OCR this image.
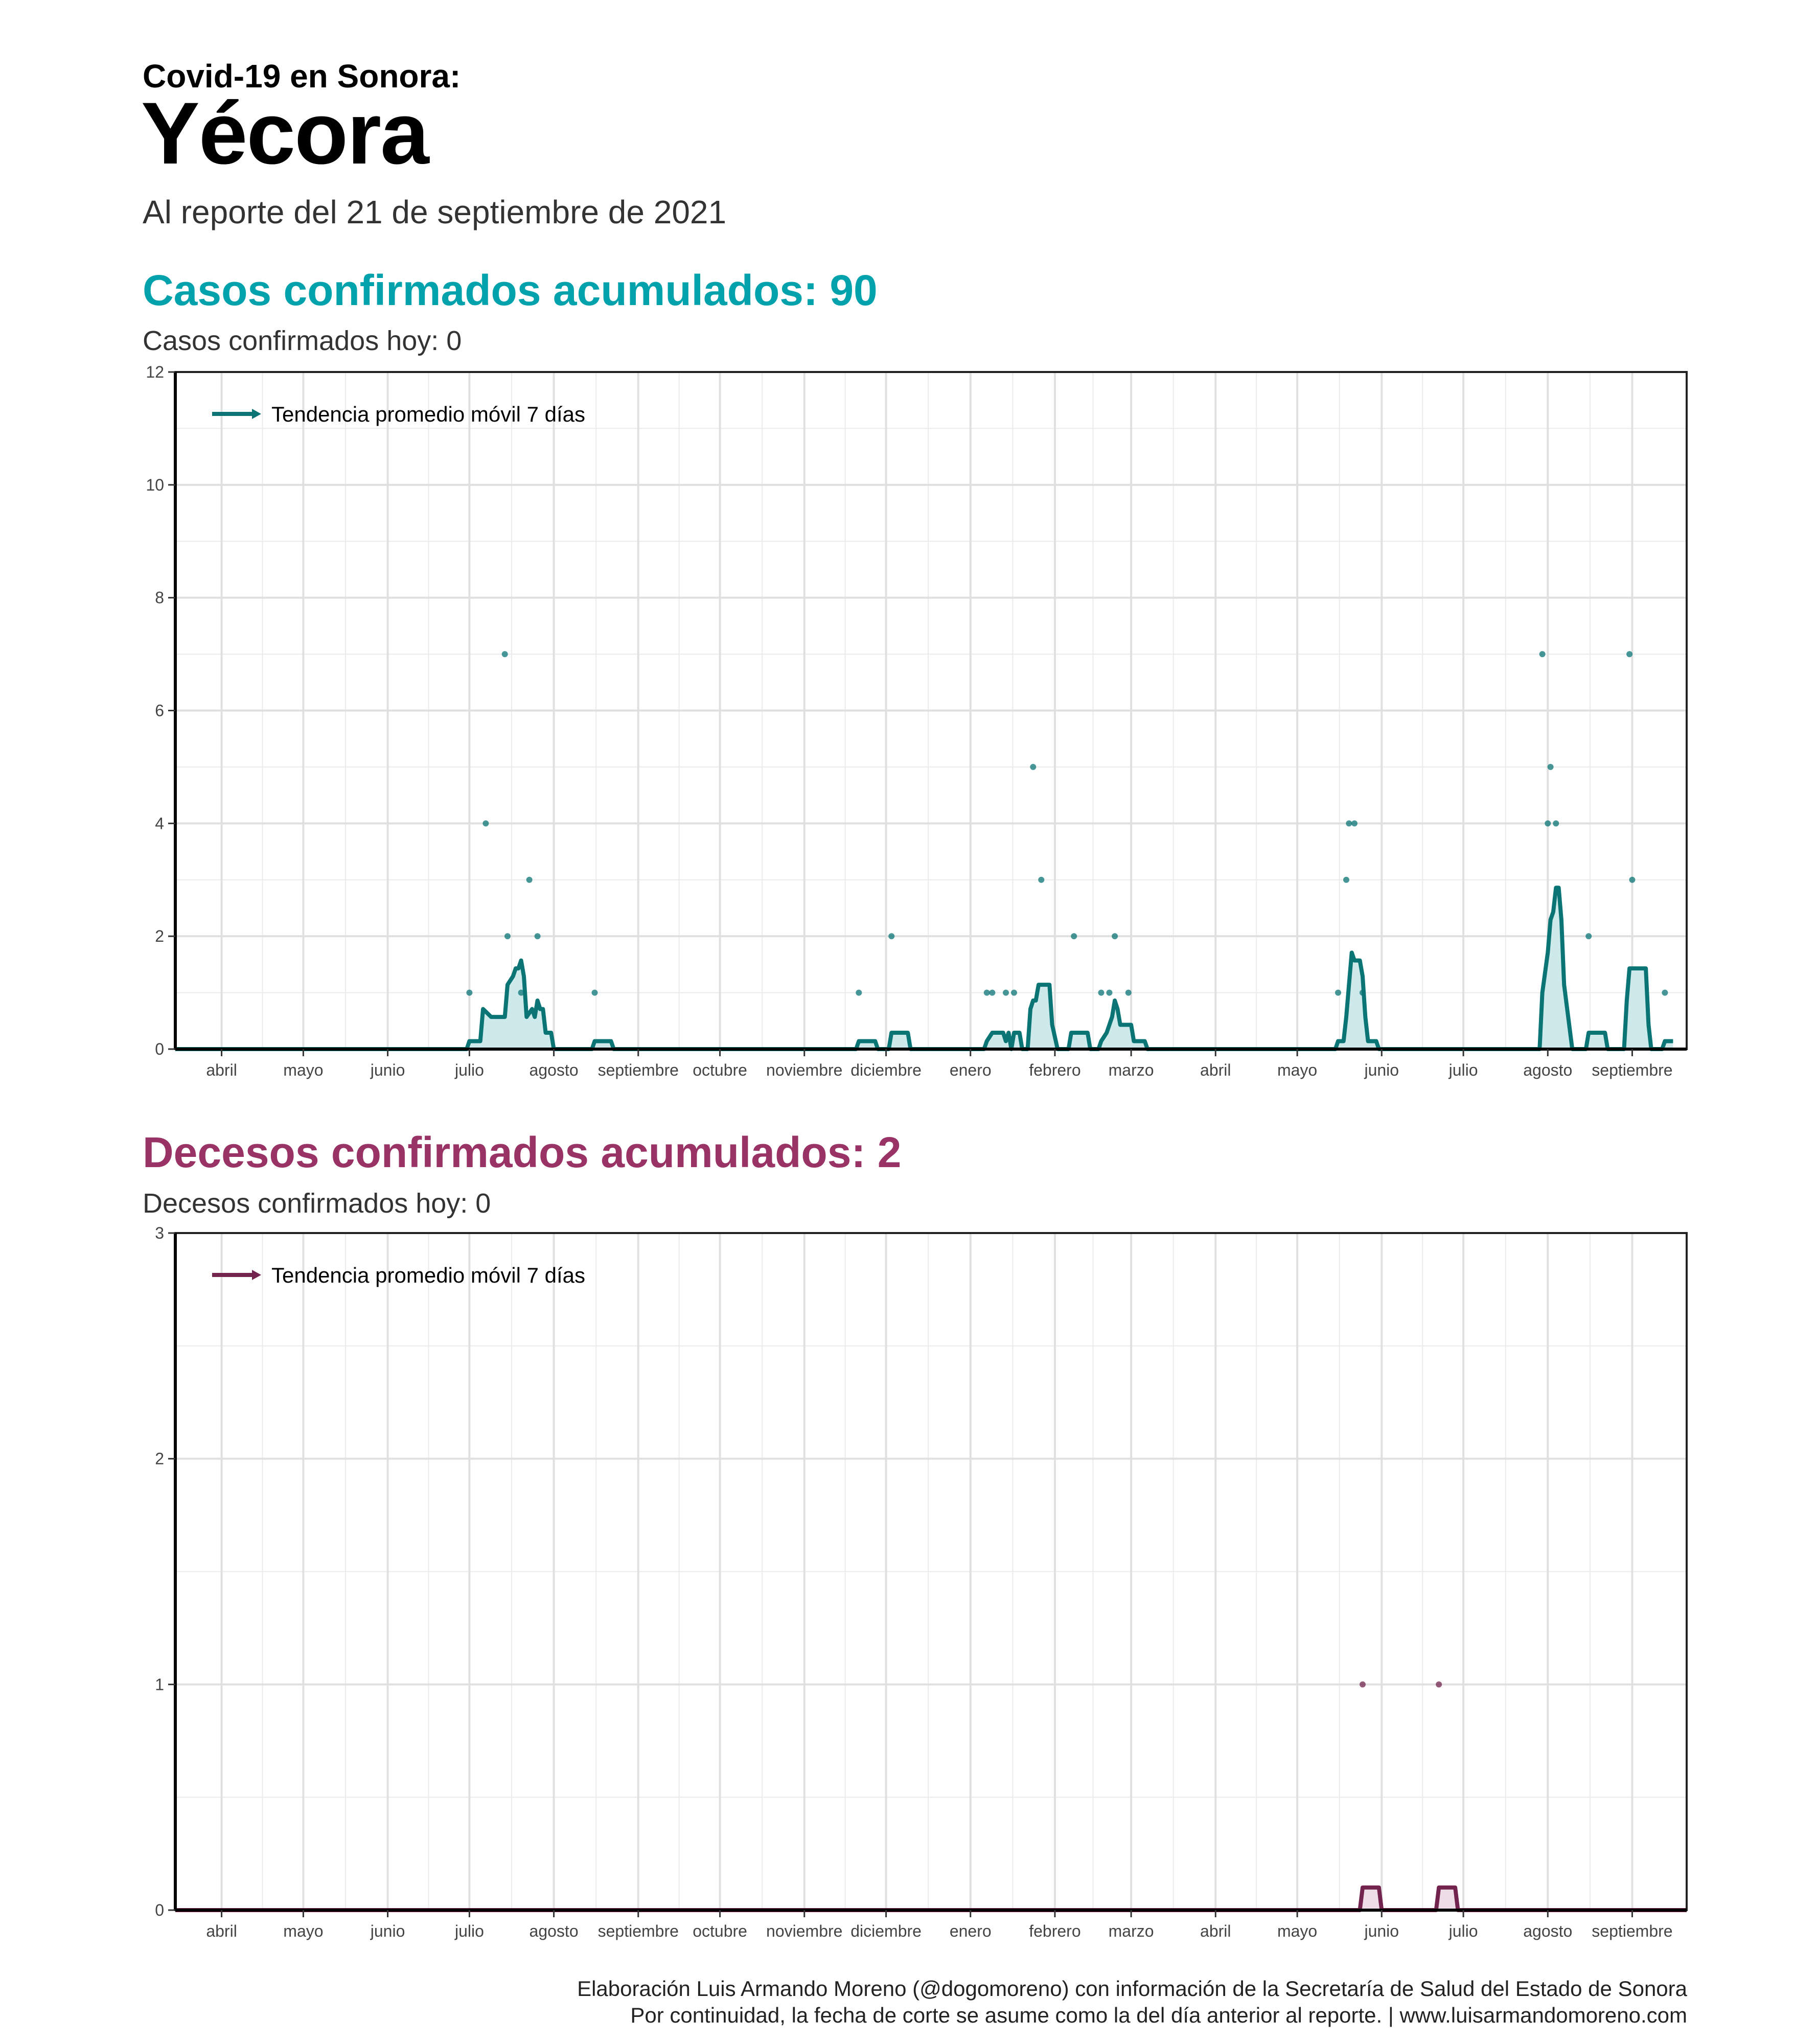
Covid-19 en Sonora:
Yécora
Al reporte del 21 de septiembre de 2021
Casos confirmados acumulados: 90
Casos confirmados hoy: 0
0
2
4
6
8
10
12
abril	mayo	junio	julio	agosto septiembre octubre noviembre diciembre enero febrero marzo	abril	mayo	junio	julio	agosto septiembre
Tendencia promedio móvil 7 días
Decesos confirmados acumulados: 2
Decesos confirmados hoy: 0
0
1
2
3
abril	mayo	junio	julio	agosto septiembre octubre noviembre diciembre enero febrero marzo	abril	mayo	junio	julio	agosto septiembre
Tendencia promedio móvil 7 días
Elaboración Luis Armando Moreno (@dogomoreno) con información de la Secretaría de Salud del Estado de Sonora
Por continuidad, la fecha de corte se asume como la del día anterior al reporte. | www.luisarmandomoreno.com
